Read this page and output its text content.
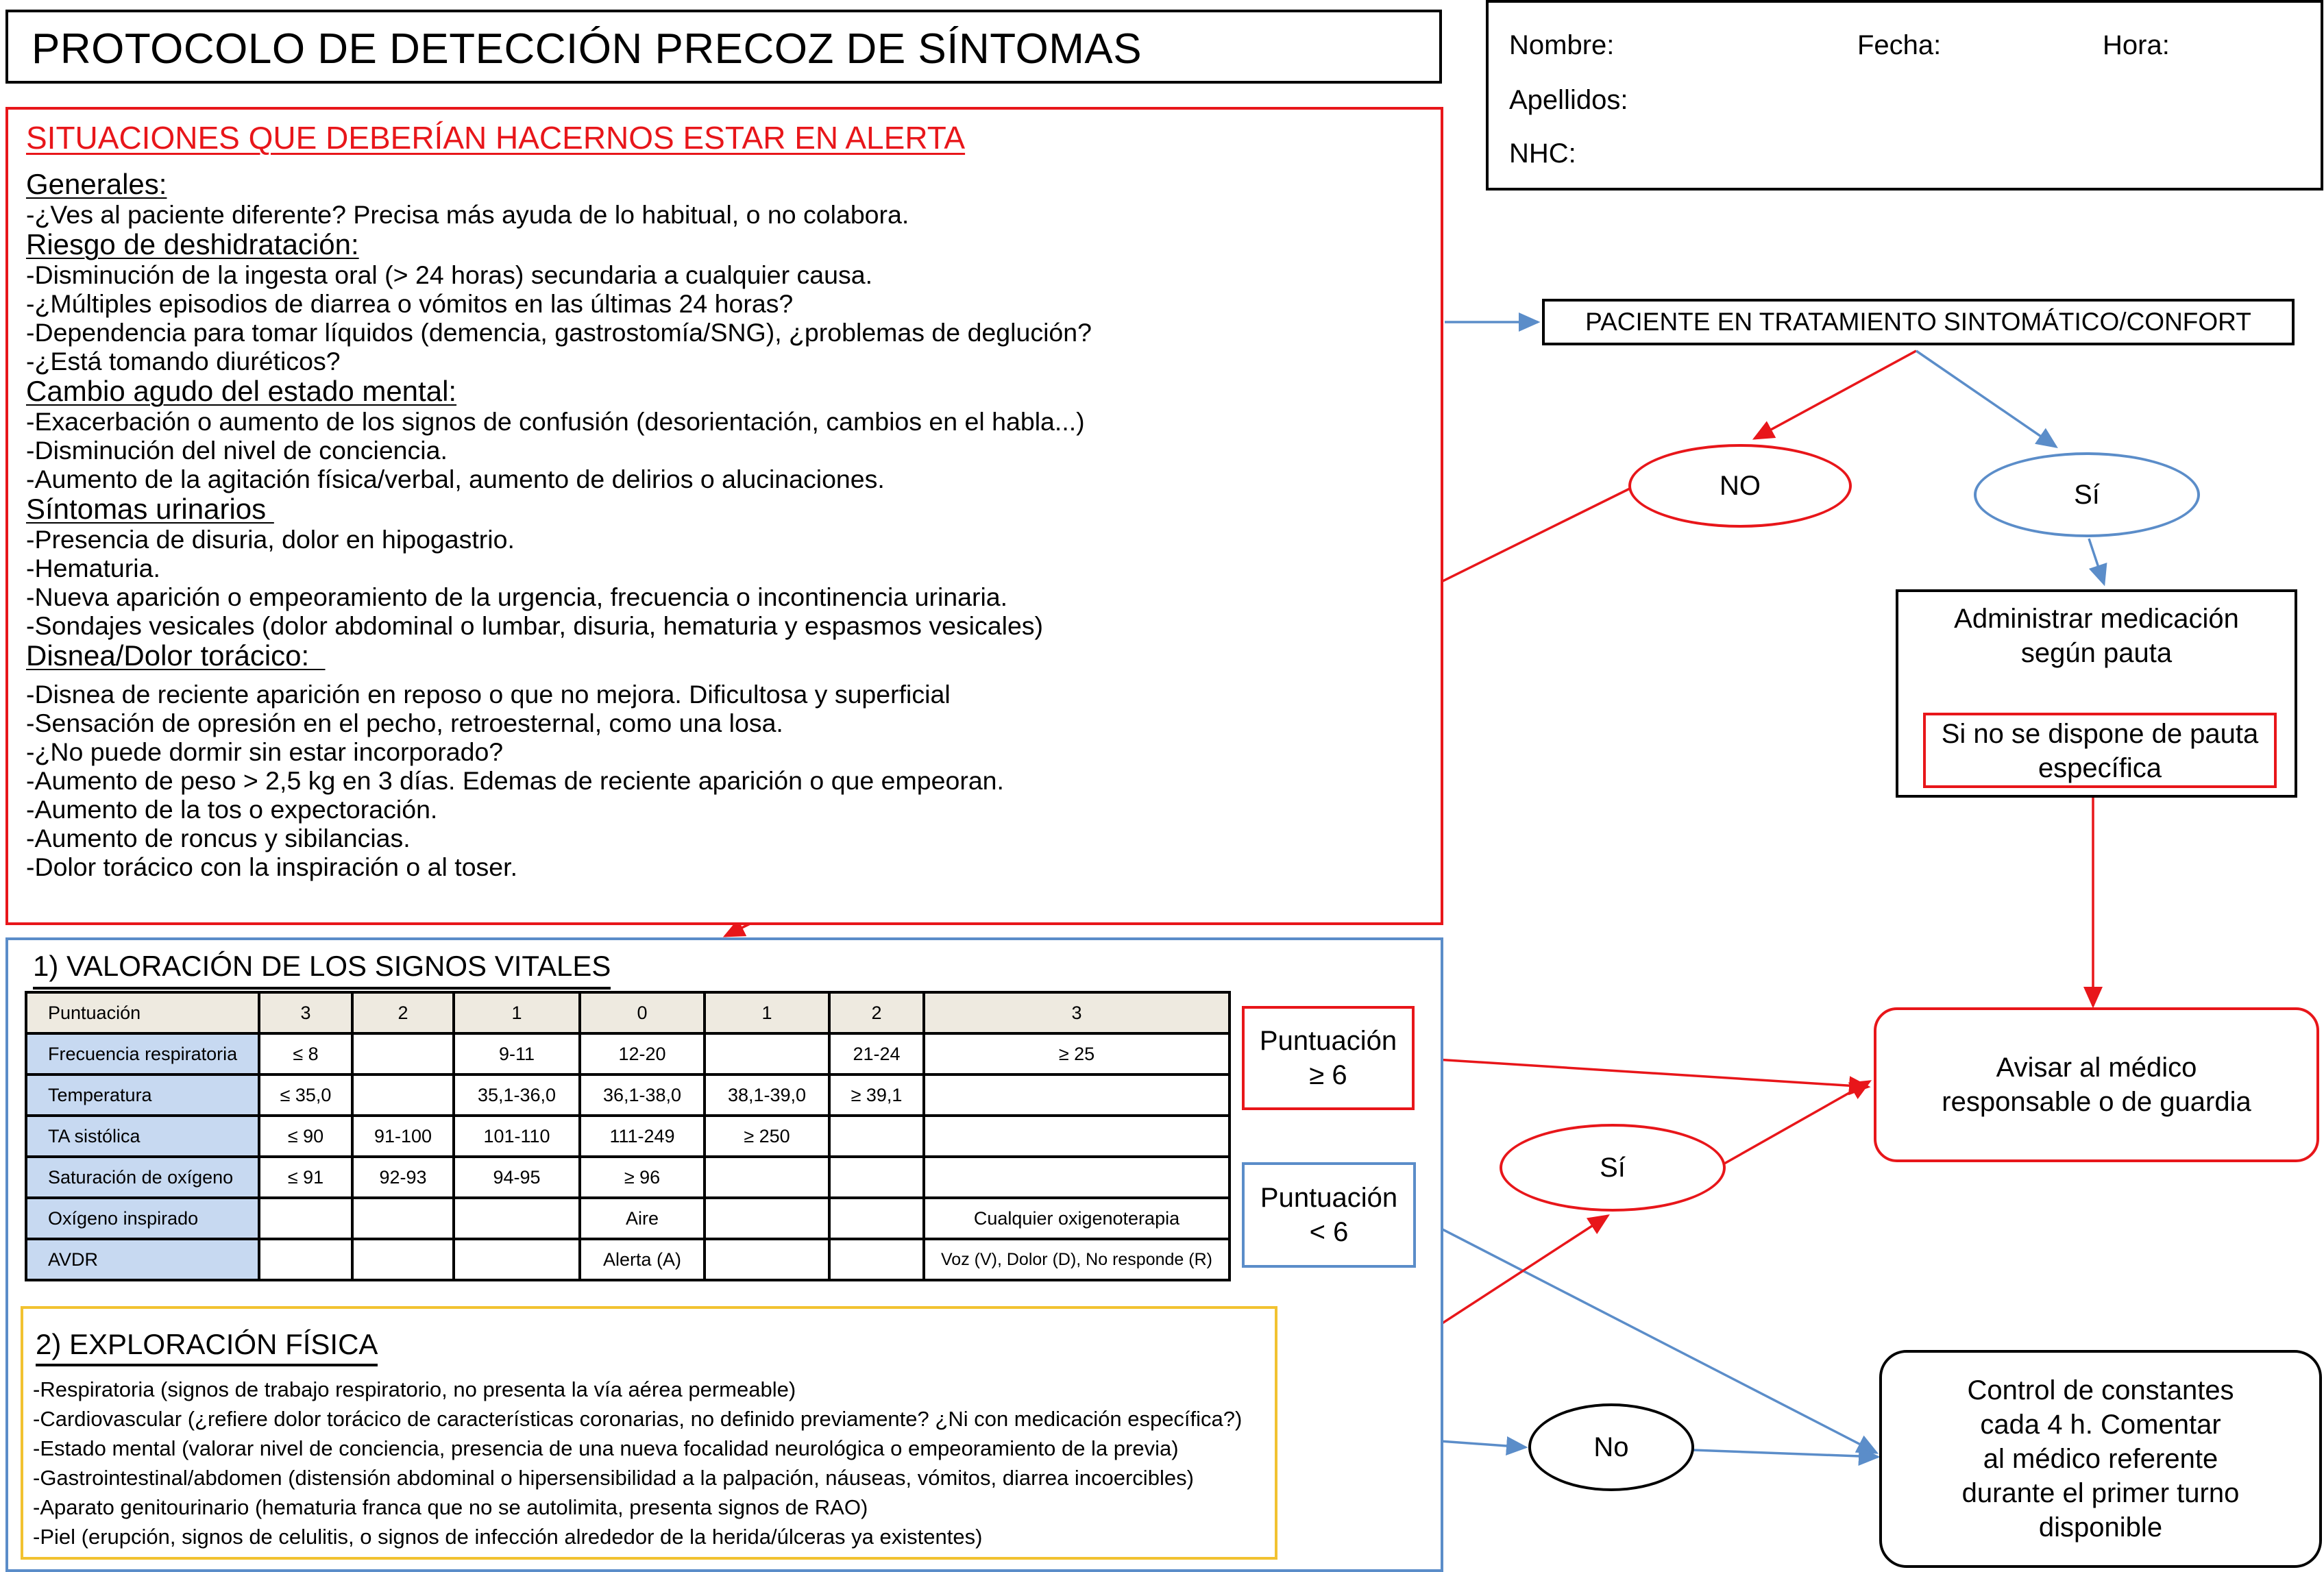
PROTOCOLO DE DETECCIÓN PRECOZ DE SÍNTOMAS	Nombre:	Fecha:	Hora:
Apellidos:
NHC:
SITUACIONES QUE DEBERÍAN HACERNOS ESTAR EN ALERTA
Generales:
-¿Ves al paciente diferente? Precisa más ayuda de lo habitual, o no colabora.
Riesgo de deshidratación:
-Disminución de la ingesta oral (> 24 horas) secundaria a cualquier causa.
-¿Múltiples episodios de diarrea o vómitos en las últimas 24 horas?
-Dependencia para tomar líquidos (demencia, gastrostomía/SNG), ¿problemas de deglución?
-¿Está tomando diuréticos?
Cambio agudo del estado mental:
-Exacerbación o aumento de los signos de confusión (desorientación, cambios en el habla...)
-Disminución del nivel de conciencia.
-Aumento de la agitación física/verbal, aumento de delirios o alucinaciones.
Síntomas urinarios
-Presencia de disuria, dolor en hipogastrio.
-Hematuria.
-Nueva aparición o empeoramiento de la urgencia, frecuencia o incontinencia urinaria.
-Sondajes vesicales (dolor abdominal o lumbar, disuria, hematuria y espasmos vesicales)
Disnea/Dolor torácico:
-Disnea de reciente aparición en reposo o que no mejora. Dificultosa y superficial
-Sensación de opresión en el pecho, retroesternal, como una losa.
-¿No puede dormir sin estar incorporado?
-Aumento de peso > 2,5 kg en 3 días. Edemas de reciente aparición o que empeoran.
-Aumento de la tos o expectoración.
-Aumento de roncus y sibilancias.
-Dolor torácico con la inspiración o al toser.
PACIENTE EN TRATAMIENTO SINTOMÁTICO/CONFORT
NO	Sí
Administrar medicación
según pauta
Si no se dispone de pauta
específica
1) VALORACIÓN DE LOS SIGNOS VITALES
Puntuación	3	2	1	0	1	2	3
Frecuencia respiratoria	≤ 8		9-11	12-20		21-24	≥ 25
Temperatura	≤ 35,0		35,1-36,0	36,1-38,0	38,1-39,0	≥ 39,1	
TA sistólica	≤ 90	91-100	101-110	111-249	≥ 250		
Saturación de oxígeno	≤ 91	92-93	94-95	≥ 96			
Oxígeno inspirado				Aire			Cualquier oxigenoterapia
AVDR				Alerta (A)			Voz (V), Dolor (D), No responde (R)
2) EXPLORACIÓN FÍSICA
-Respiratoria (signos de trabajo respiratorio, no presenta la vía aérea permeable)
-Cardiovascular (¿refiere dolor torácico de características coronarias, no definido previamente? ¿Ni con medicación específica?)
-Estado mental (valorar nivel de conciencia, presencia de una nueva focalidad neurológica o empeoramiento de la previa)
-Gastrointestinal/abdomen (distensión abdominal o hipersensibilidad a la palpación, náuseas, vómitos, diarrea incoercibles)
-Aparato genitourinario (hematuria franca que no se autolimita, presenta signos de RAO)
-Piel (erupción, signos de celulitis, o signos de infección alrededor de la herida/úlceras ya existentes)
Puntuación
≥ 6
Puntuación
< 6
Sí
No
Avisar al médico
responsable o de guardia
Control de constantes
cada 4 h. Comentar
al médico referente
durante el primer turno
disponible
